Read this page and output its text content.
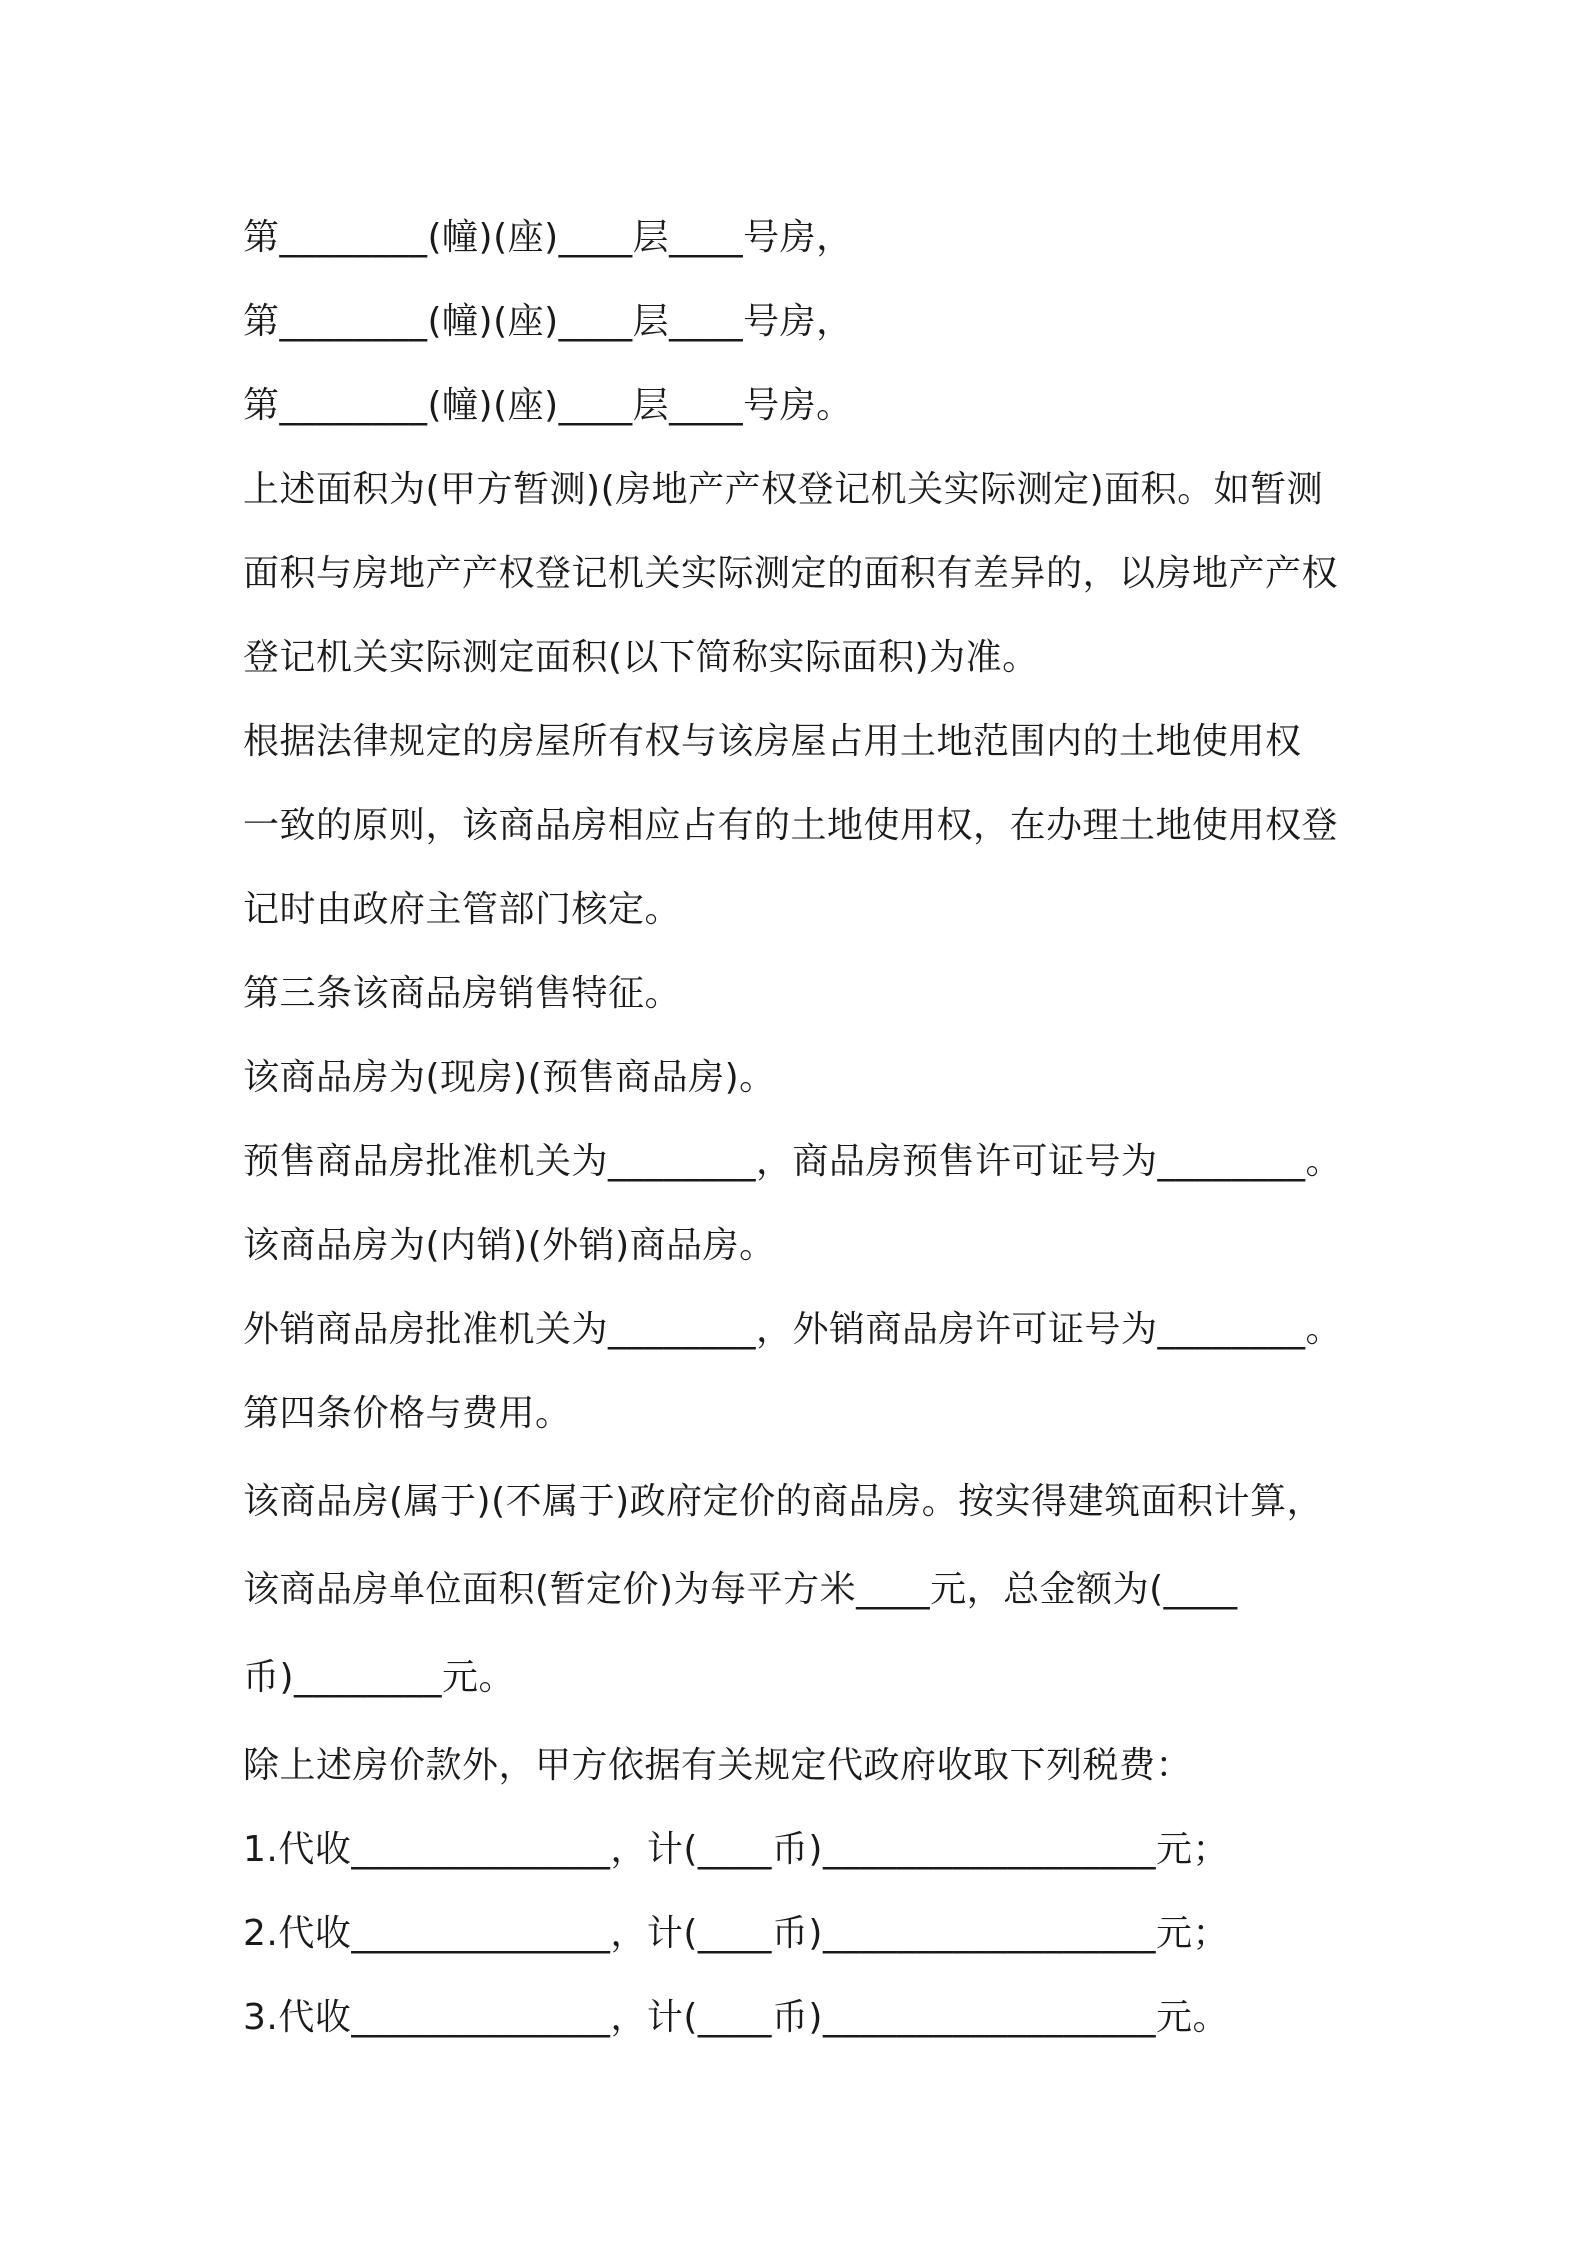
第________(幢)(座)____层____号房，
第________(幢)(座)____层____号房，
第________(幢)(座)____层____号房。
上述面积为(甲方暂测)(房地产产权登记机关实际测定)面积。如暂测
面积与房地产产权登记机关实际测定的面积有差异的，以房地产产权
登记机关实际测定面积(以下简称实际面积)为准。
根据法律规定的房屋所有权与该房屋占用土地范围内的土地使用权
一致的原则，该商品房相应占有的土地使用权，在办理土地使用权登
记时由政府主管部门核定。
第三条该商品房销售特征。
该商品房为(现房)(预售商品房)。
预售商品房批准机关为________，商品房预售许可证号为________。
该商品房为(内销)(外销)商品房。
外销商品房批准机关为________，外销商品房许可证号为________。
第四条价格与费用。
该商品房(属于)(不属于)政府定价的商品房。按实得建筑面积计算，
该商品房单位面积(暂定价)为每平方米____元，总金额为(____
币)________元。
除上述房价款外，甲方依据有关规定代政府收取下列税费：
1.代收______________，计(____币)__________________元；
2.代收______________，计(____币)__________________元；
3.代收______________，计(____币)__________________元。
